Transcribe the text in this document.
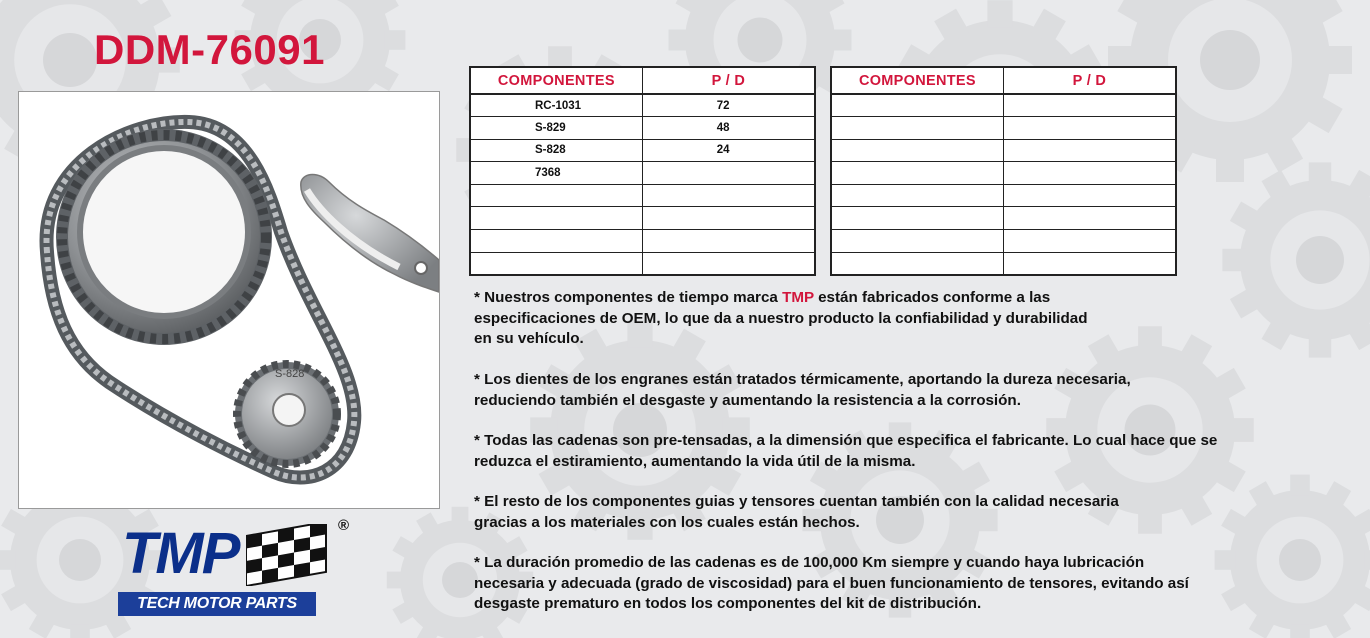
DDM-76091
S-828
TMP	®
TECH MOTOR PARTS
COMPONENTES	P / D
RC-1031	72
S-829	48
S-828	24
7368	

COMPONENTES	P / D

* Nuestros componentes de tiempo marca TMP están fabricados conforme a las

especificaciones de OEM, lo que da a nuestro producto la confiabilidad y durabilidad

en su vehículo.

* Los dientes de los engranes están tratados térmicamente, aportando la dureza necesaria,

reduciendo también el desgaste y aumentando la resistencia a la corrosión.

* Todas las cadenas son pre-tensadas, a la dimensión que especifica el fabricante. Lo cual hace que se

reduzca el estiramiento, aumentando la vida útil de la misma.

* El resto de los componentes guias y tensores cuentan también con la calidad necesaria

gracias a los materiales con los cuales están hechos.

* La duración promedio de las cadenas es de 100,000 Km siempre y cuando haya lubricación

necesaria y adecuada (grado de viscosidad) para el buen funcionamiento de tensores, evitando así

desgaste prematuro en todos los componentes del kit de distribución.
